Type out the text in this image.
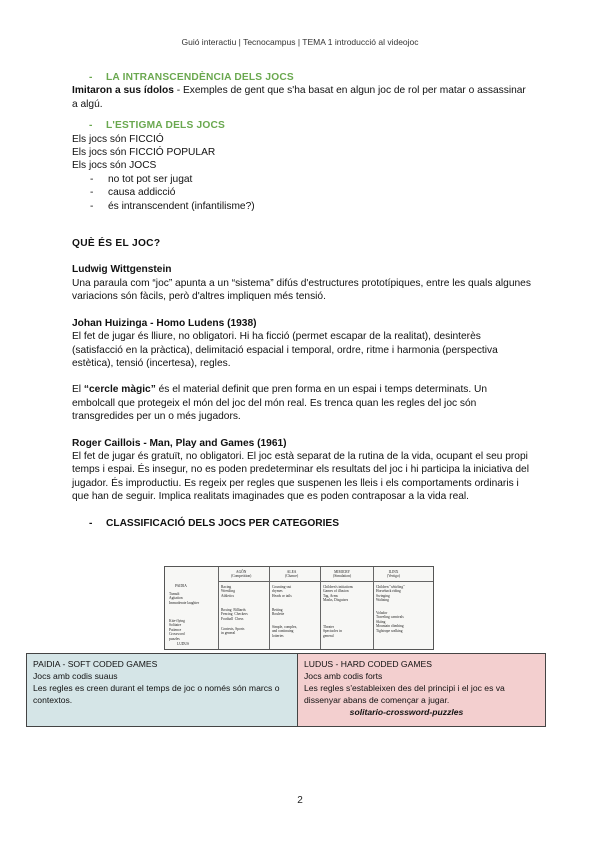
Guió interactiu | Tecnocampus | TEMA 1 introducció al videojoc
- LA INTRANSCENDÈNCIA DELS JOCS

Imitaron a sus ídolos - Exemples de gent que s'ha basat en algun joc de rol per matar o assassinar a algú.

- L'ESTIGMA DELS JOCS

Els jocs són FICCIÓ

Els jocs són FICCIÓ POPULAR

Els jocs són JOCS

- no tot pot ser jugat
- causa addicció
- és intranscendent (infantilisme?)
QUÈ ÉS EL JOC?

Ludwig Wittgenstein

Una paraula com “joc” apunta a un “sistema” difús d'estructures prototípiques, entre les quals algunes variacions són fàcils, però d'altres impliquen més tensió.

Johan Huizinga - Homo Ludens (1938)

El fet de jugar és lliure, no obligatori. Hi ha ficció (permet escapar de la realitat), desinterès (satisfacció en la pràctica), delimitació espacial i temporal, ordre, ritme i harmonia (perspectiva estètica), tensió (incertesa), regles.

El “cercle màgic” és el material definit que pren forma en un espai i temps determinats. Un embolcall que protegeix el món del joc del món real. Es trenca quan les regles del joc són transgredides per un o més jugadors.

Roger Caillois - Man, Play and Games (1961)

El fet de jugar és gratuït, no obligatori. El joc està separat de la rutina de la vida, ocupant el seu propi temps i espai. És insegur, no es poden predeterminar els resultats del joc i hi participa la iniciativa del jugador. És improductiu. Es regeix per regles que suspenen les lleis i els comportaments ordinaris i que han de seguir. Implica realitats imaginades que es poden contraposar a la vida real.

- CLASSIFICACIÓ DELS JOCS PER CATEGORIES
AGÔN
(Competition)
ALEA
(Chance)
MIMICRY
(Simulation)
ILINX
(Vertigo)
PAIDIA
Tumult
Agitation
Immoderate laughter
Kite-flying
Solitaire
Patience
Crossword
puzzles
LUDUS
Racing
Wrestling
Athletics
Boxing  Billiards
Fencing  Checkers
Football  Chess
Contests, Sports
in general
Counting-out
rhymes
Heads or tails
Betting
Roulette
Simple, complex,
and continuing
lotteries
Children's initiations
Games of illusion
Tag, Arms
Masks, Disguises
Theater
Spectacles in
general
Children "whirling"
Horseback riding
Swinging
Waltzing
Volador
Traveling carnivals
Skiing
Mountain climbing
Tightrope walking
PAIDIA - SOFT CODED GAMES
Jocs amb codis suaus
Les regles es creen durant el temps de joc o només són marcs o contextos.
LUDUS - HARD CODED GAMES
Jocs amb codis forts
Les regles s'estableixen des del principi i el joc es va dissenyar abans de començar a jugar.
solitario-crossword-puzzles
2
